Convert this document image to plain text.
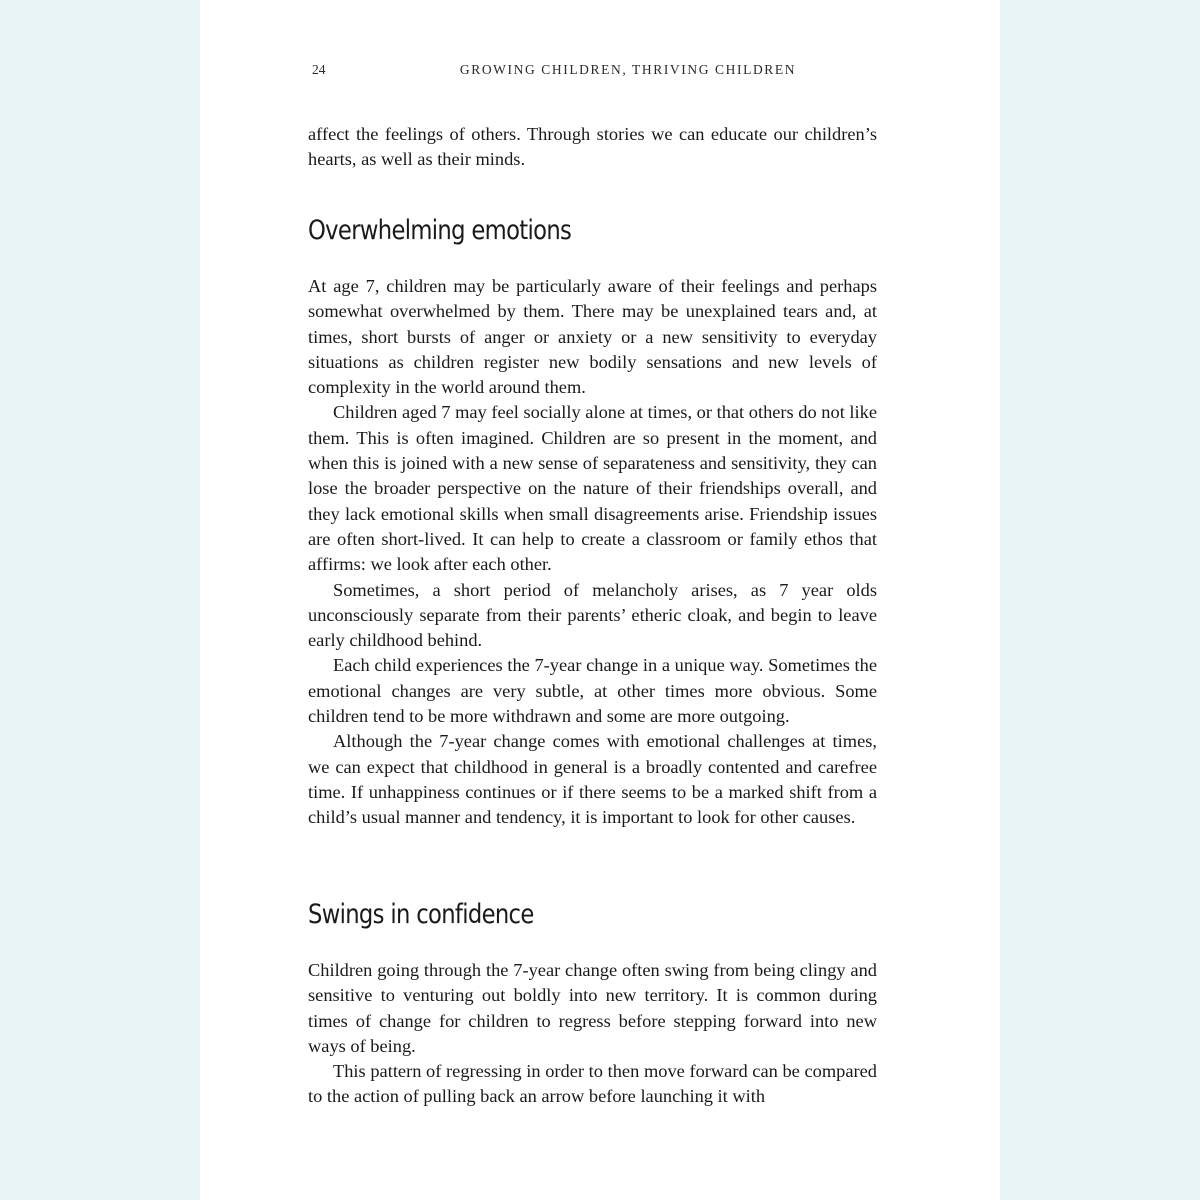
24	GROWING CHILDREN, THRIVING CHILDREN

affect the feelings of others. Through stories we can educate our children’s hearts, as well as their minds.

Overwhelming emotions

At age 7, children may be particularly aware of their feelings and perhaps somewhat overwhelmed by them. There may be unexplained tears and, at times, short bursts of anger or anxiety or a new sensitivity to everyday situations as children register new bodily sensations and new levels of complexity in the world around them.

Children aged 7 may feel socially alone at times, or that others do not like them. This is often imagined. Children are so present in the moment, and when this is joined with a new sense of separateness and sensitivity, they can lose the broader perspective on the nature of their friendships overall, and they lack emotional skills when small disagreements arise. Friendship issues are often short-lived. It can help to create a classroom or family ethos that affirms: we look after each other.

Sometimes, a short period of melancholy arises, as 7 year olds unconsciously separate from their parents’ etheric cloak, and begin to leave early childhood behind.

Each child experiences the 7-year change in a unique way. Sometimes the emotional changes are very subtle, at other times more obvious. Some children tend to be more withdrawn and some are more outgoing.

Although the 7-year change comes with emotional challenges at times, we can expect that childhood in general is a broadly contented and carefree time. If unhappiness continues or if there seems to be a marked shift from a child’s usual manner and tendency, it is important to look for other causes.

Swings in confidence

Children going through the 7-year change often swing from being clingy and sensitive to venturing out boldly into new territory. It is common during times of change for children to regress before stepping forward into new ways of being.

This pattern of regressing in order to then move forward can be compared to the action of pulling back an arrow before launching it with
